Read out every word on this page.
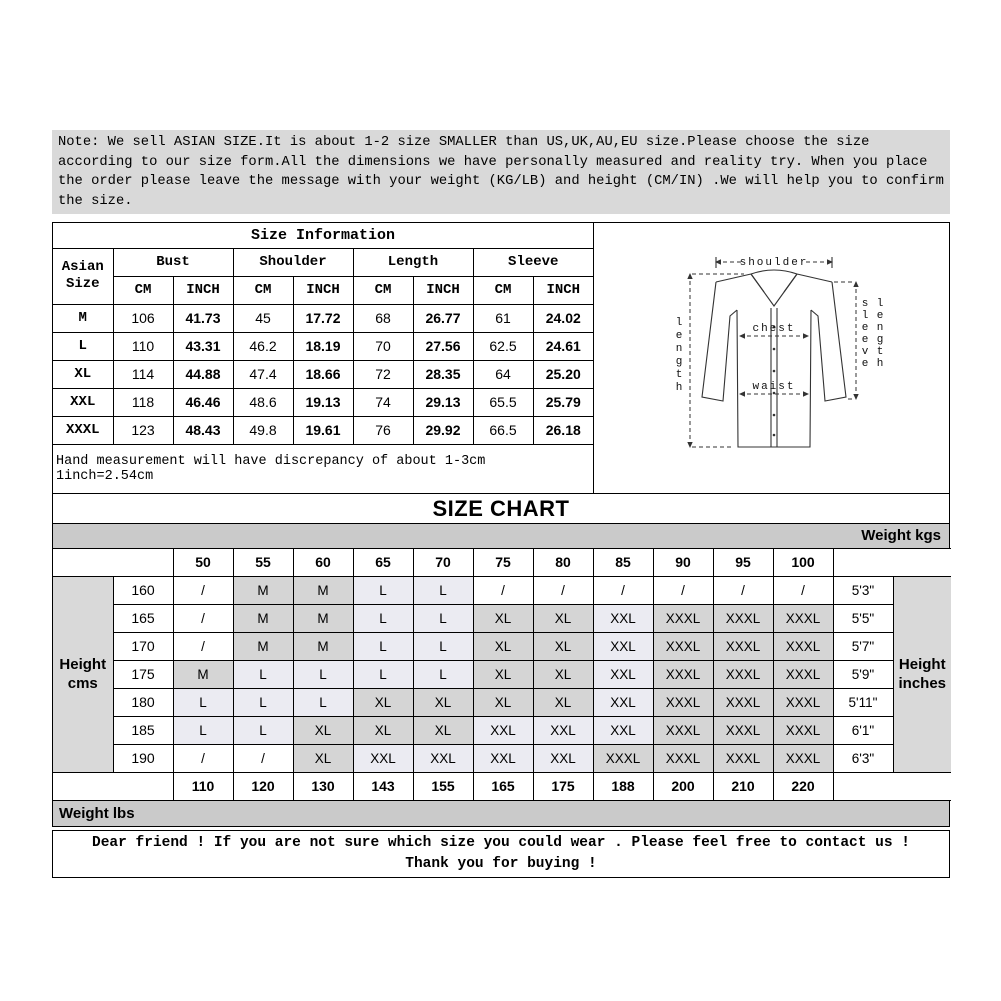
Note: We sell ASIAN SIZE.It is about 1-2 size SMALLER than US,UK,AU,EU size.Please choose the size according to our size form.All the dimensions we have personally measured and reality try. When you place the order please leave the message with your weight (KG/LB) and height (CM/IN) .We will help you to confirm the size.
Size Information								
Asian Size	Bust		Shoulder		Length		Sleeve	
	CM	INCH	CM	INCH	CM	INCH	CM	INCH
M	106	41.73	45	17.72	68	26.77	61	24.02
L	110	43.31	46.2	18.19	70	27.56	62.5	24.61
XL	114	44.88	47.4	18.66	72	28.35	64	25.20
XXL	118	46.46	48.6	19.13	74	29.13	65.5	25.79
XXXL	123	48.43	49.8	19.61	76	29.92	66.5	26.18
Hand measurement will have discrepancy of about 1-3cm 1inch=2.54cm
shoulder
chest
waist
l e n g t h
s l e e v e
l e n g t h
SIZE CHART
Weight kgs
		50	55	60	65	70	75	80	85	90	95	100		
Height cms	160	/	M	M	L	L	/	/	/	/	/	/	5'3"	Height inches
	165	/	M	M	L	L	XL	XL	XXL	XXXL	XXXL	XXXL	5'5"	
	170	/	M	M	L	L	XL	XL	XXL	XXXL	XXXL	XXXL	5'7"	
	175	M	L	L	L	L	XL	XL	XXL	XXXL	XXXL	XXXL	5'9"	
	180	L	L	L	XL	XL	XL	XL	XXL	XXXL	XXXL	XXXL	5'11"	
	185	L	L	XL	XL	XL	XXL	XXL	XXL	XXXL	XXXL	XXXL	6'1"	
	190	/	/	XL	XXL	XXL	XXL	XXL	XXXL	XXXL	XXXL	XXXL	6'3"	
		110	120	130	143	155	165	175	188	200	210	220		
Weight lbs
Dear friend ! If you are not sure which size you could wear . Please feel free to contact us !
Thank you for buying !
